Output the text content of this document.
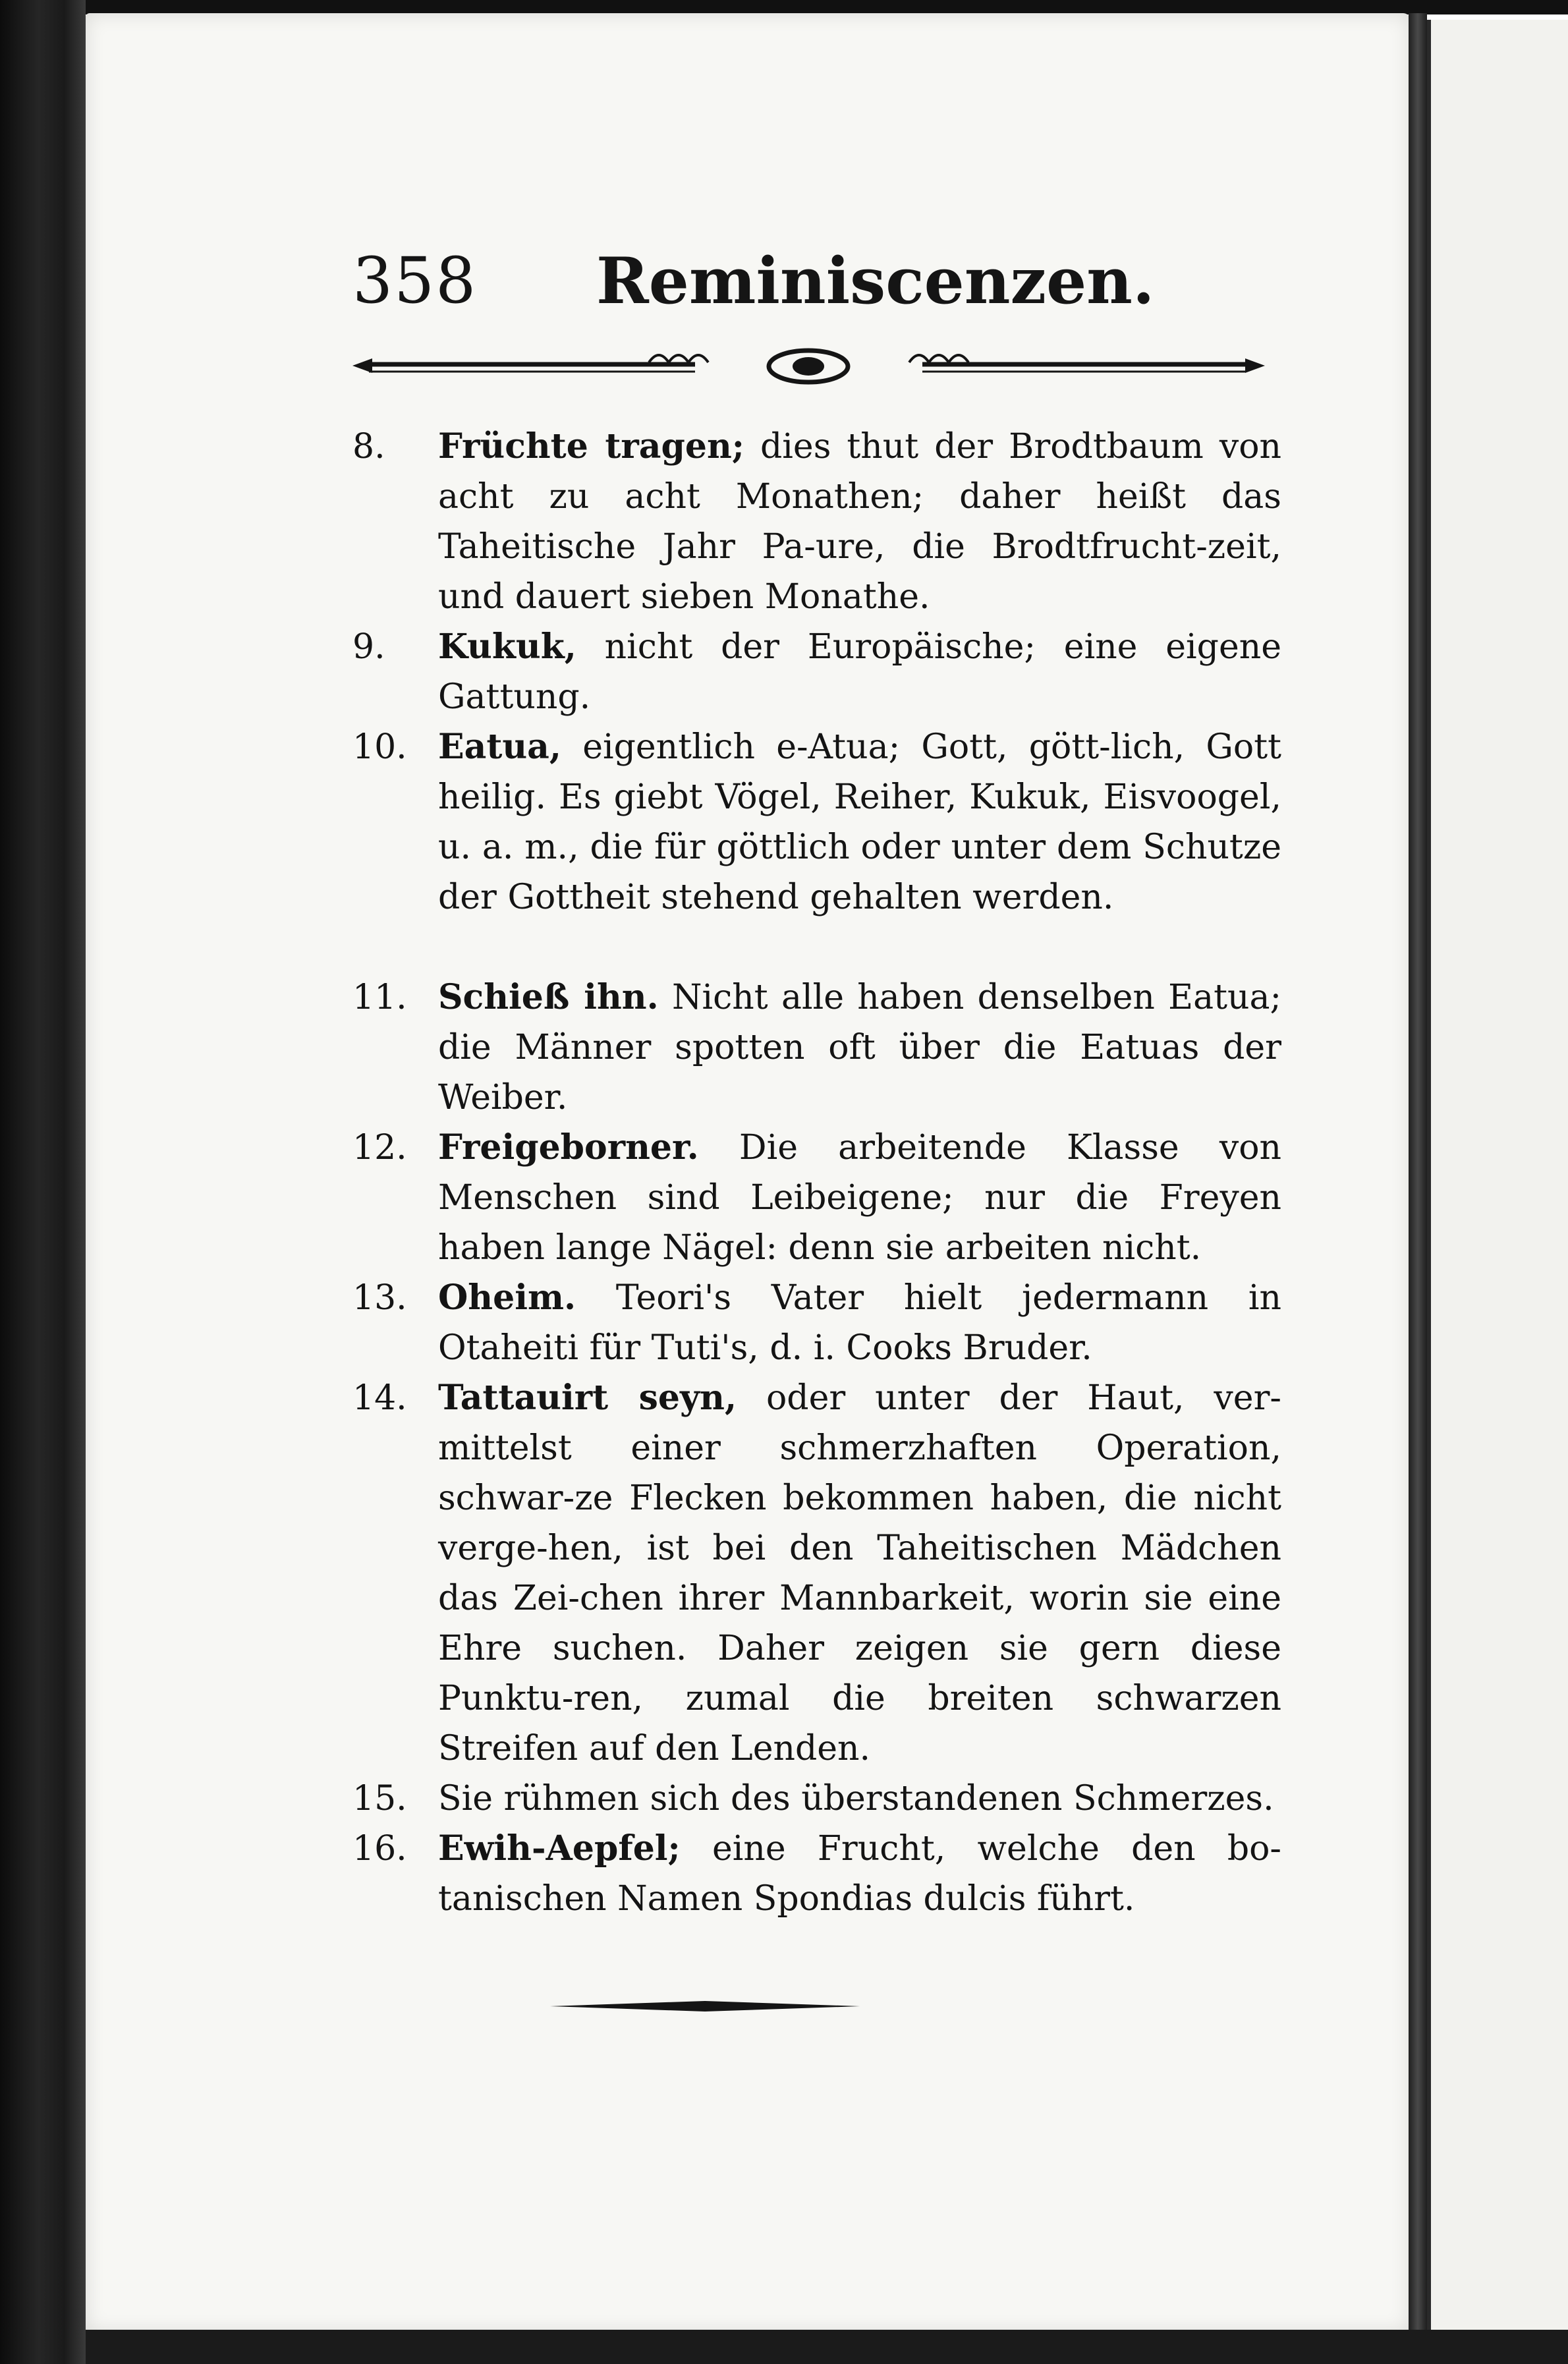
358 Reminiscenzen.
8. Früchte tragen; dies thut der Brodtbaum von acht zu acht Monathen; daher heißt das Taheitische Jahr Pa-ure, die Brodtfrucht-zeit, und dauert sieben Monathe.
9. Kukuk, nicht der Europäische; eine eigene Gattung.
10. Eatua, eigentlich e-Atua; Gott, gött-lich, Gott heilig. Es giebt Vögel, Reiher, Kukuk, Eisvoogel, u. a. m., die für göttlich oder unter dem Schutze der Gottheit stehend gehalten werden.
11. Schieß ihn. Nicht alle haben denselben Eatua; die Männer spotten oft über die Eatuas der Weiber.
12. Freigeborner. Die arbeitende Klasse von Menschen sind Leibeigene; nur die Freyen haben lange Nägel: denn sie arbeiten nicht.
13. Oheim. Teori's Vater hielt jedermann in Otaheiti für Tuti's, d. i. Cooks Bruder.
14. Tattauirt seyn, oder unter der Haut, ver-mittelst einer schmerzhaften Operation, schwar-ze Flecken bekommen haben, die nicht verge-hen, ist bei den Taheitischen Mädchen das Zei-chen ihrer Mannbarkeit, worin sie eine Ehre suchen. Daher zeigen sie gern diese Punktu-ren, zumal die breiten schwarzen Streifen auf den Lenden.
15. Sie rühmen sich des überstandenen Schmerzes.
16. Ewih-Aepfel; eine Frucht, welche den bo-tanischen Namen Spondias dulcis führt.
